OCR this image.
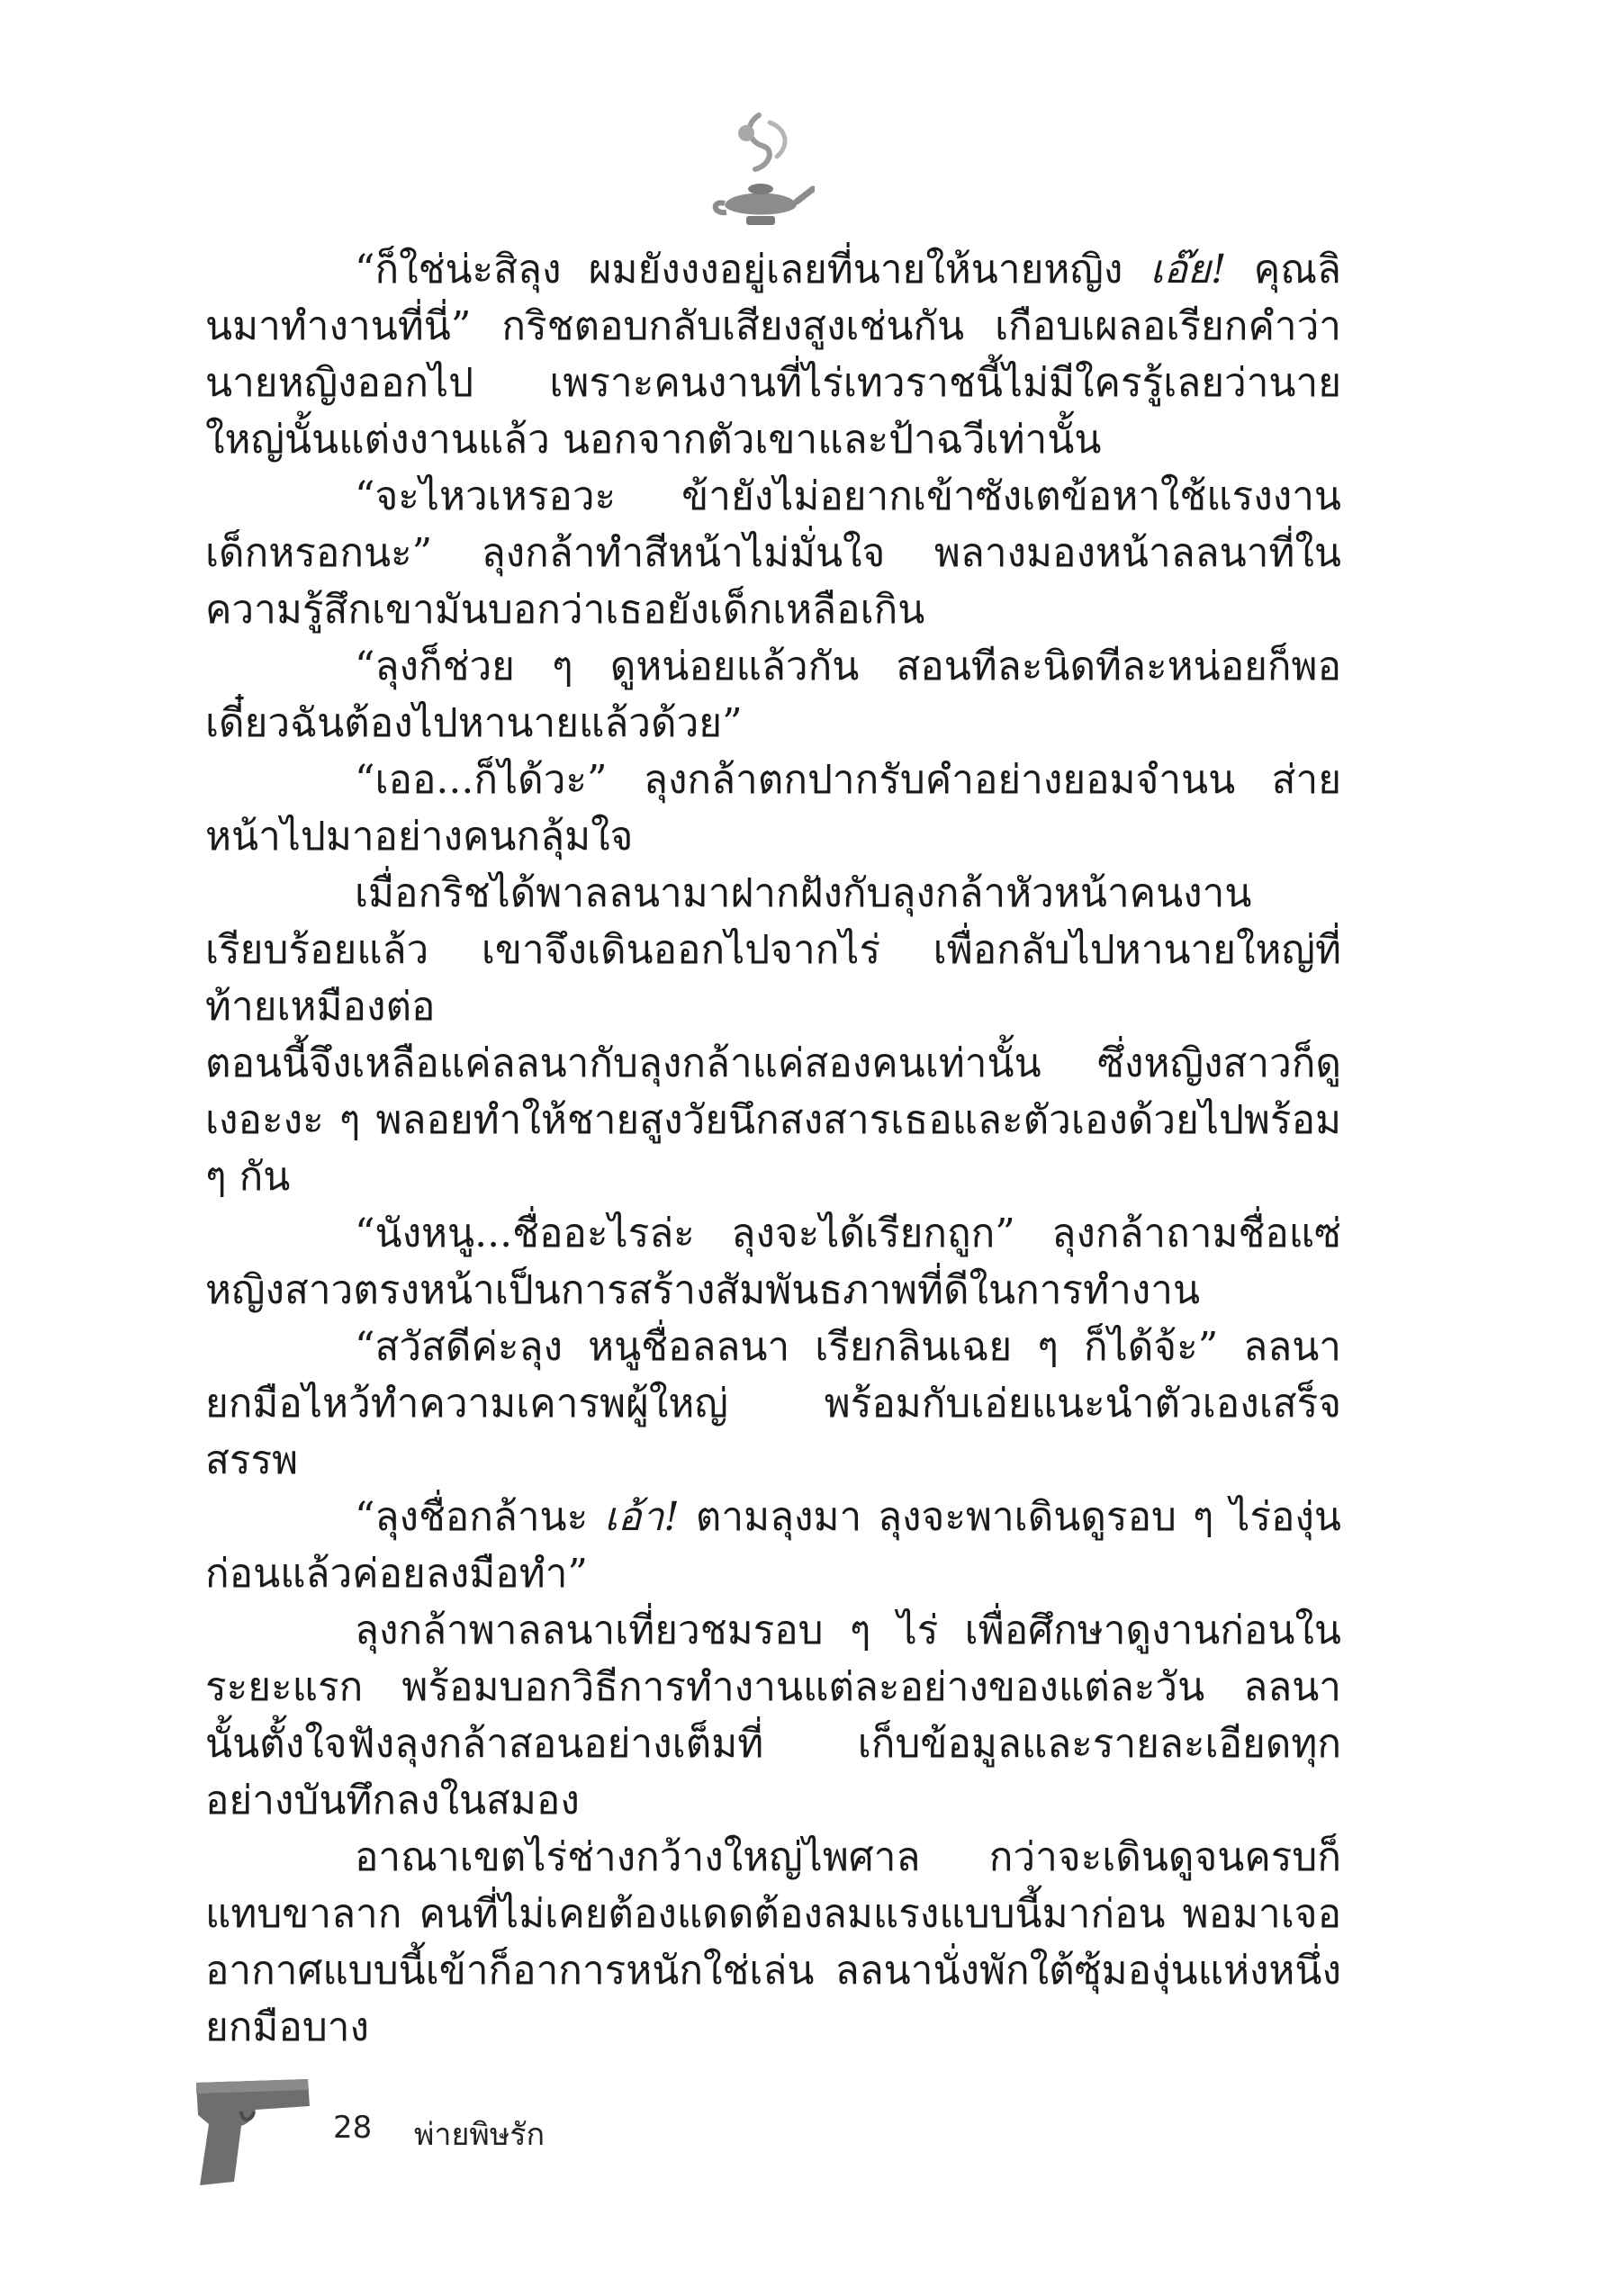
“ก็ใช่น่ะสิลุง ผมยังงงอยู่เลยที่นายให้นายหญิง เอ๊ย! คุณลินมาทำงานที่นี่” กริชตอบกลับเสียงสูงเช่นกัน เกือบเผลอเรียกคำว่านายหญิงออกไป เพราะคนงานที่ไร่เทวราชนี้ไม่มีใครรู้เลยว่านายใหญ่นั้นแต่งงานแล้ว นอกจากตัวเขาและป้าฉวีเท่านั้น

“จะไหวเหรอวะ ข้ายังไม่อยากเข้าซังเตข้อหาใช้แรงงานเด็กหรอกนะ” ลุงกล้าทำสีหน้าไม่มั่นใจ พลางมองหน้าลลนาที่ในความรู้สึกเขามันบอกว่าเธอยังเด็กเหลือเกิน

“ลุงก็ช่วย ๆ ดูหน่อยแล้วกัน สอนทีละนิดทีละหน่อยก็พอเดี๋ยวฉันต้องไปหานายแล้วด้วย”

“เออ...ก็ได้วะ” ลุงกล้าตกปากรับคำอย่างยอมจำนน ส่ายหน้าไปมาอย่างคนกลุ้มใจ

เมื่อกริชได้พาลลนามาฝากฝังกับลุงกล้าหัวหน้าคนงานเรียบร้อยแล้ว เขาจึงเดินออกไปจากไร่ เพื่อกลับไปหานายใหญ่ที่ท้ายเหมืองต่อ

ตอนนี้จึงเหลือแค่ลลนากับลุงกล้าแค่สองคนเท่านั้น ซึ่งหญิงสาวก็ดูเงอะงะ ๆ พลอยทำให้ชายสูงวัยนึกสงสารเธอและตัวเองด้วยไปพร้อม ๆ กัน

“นังหนู...ชื่ออะไรล่ะ ลุงจะได้เรียกถูก” ลุงกล้าถามชื่อแซ่หญิงสาวตรงหน้าเป็นการสร้างสัมพันธภาพที่ดีในการทำงาน

“สวัสดีค่ะลุง หนูชื่อลลนา เรียกลินเฉย ๆ ก็ได้จ้ะ” ลลนายกมือไหว้ทำความเคารพผู้ใหญ่ พร้อมกับเอ่ยแนะนำตัวเองเสร็จสรรพ

“ลุงชื่อกล้านะ เอ้า! ตามลุงมา ลุงจะพาเดินดูรอบ ๆ ไร่องุ่นก่อนแล้วค่อยลงมือทำ”

ลุงกล้าพาลลนาเที่ยวชมรอบ ๆ ไร่ เพื่อศึกษาดูงานก่อนในระยะแรก พร้อมบอกวิธีการทำงานแต่ละอย่างของแต่ละวัน ลลนานั้นตั้งใจฟังลุงกล้าสอนอย่างเต็มที่ เก็บข้อมูลและรายละเอียดทุกอย่างบันทึกลงในสมอง

อาณาเขตไร่ช่างกว้างใหญ่ไพศาล กว่าจะเดินดูจนครบก็แทบขาลาก คนที่ไม่เคยต้องแดดต้องลมแรงแบบนี้มาก่อน พอมาเจออากาศแบบนี้เข้าก็อาการหนักใช่เล่น ลลนานั่งพักใต้ซุ้มองุ่นแห่งหนึ่ง ยกมือบาง

28 พ่ายพิษรัก
